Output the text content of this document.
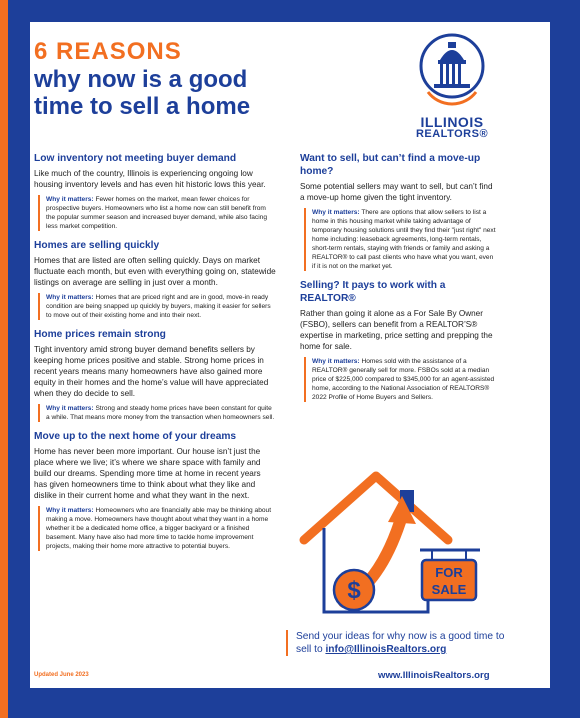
6 REASONS
why now is a good time to sell a home
ILLINOIS
REALTORS®
Low inventory not meeting buyer demand

Like much of the country, Illinois is experiencing ongoing low housing inventory levels and has even hit historic lows this year.

Why it matters: Fewer homes on the market, mean fewer choices for prospective buyers. Homeowners who list a home now can still benefit from the popular summer season and increased buyer demand, while also facing less market competition.
Homes are selling quickly

Homes that are listed are often selling quickly. Days on market fluctuate each month, but even with everything going on, statewide listings on average are selling in just over a month.

Why it matters: Homes that are priced right and are in good, move-in ready condition are being snapped up quickly by buyers, making it easier for sellers to move out of their existing home and into their next.
Home prices remain strong

Tight inventory amid strong buyer demand benefits sellers by keeping home prices positive and stable. Strong home prices in recent years means many homeowners have also gained more equity in their homes and the home’s value will have appreciated when they do decide to sell.

Why it matters: Strong and steady home prices have been constant for quite a while. That means more money from the transaction when homeowners sell.
Move up to the next home of your dreams

Home has never been more important. Our house isn’t just the place where we live; it’s where we share space with family and build our dreams. Spending more time at home in recent years has given homeowners time to think about what they like and dislike in their current home and what they want in the next.

Why it matters: Homeowners who are financially able may be thinking about making a move. Homeowners have thought about what they want in a home whether it be a dedicated home office, a bigger backyard or a finished basement. Many have also had more time to tackle home improvement projects, making their home more attractive to potential buyers.
Want to sell, but can’t find a move-up home?

Some potential sellers may want to sell, but can’t find a move-up home given the tight inventory.

Why it matters: There are options that allow sellers to list a home in this housing market while taking advantage of temporary housing solutions until they find their "just right" next home including: leaseback agreements, long-term rentals, short-term rentals, staying with friends or family and asking a REALTOR® to call past clients who have what you want, even if it is not on the market yet.
Selling? It pays to work with a REALTOR®

Rather than going it alone as a For Sale By Owner (FSBO), sellers can benefit from a REALTOR’S® expertise in marketing, price setting and prepping the home for sale.

Why it matters: Homes sold with the assistance of a REALTOR® generally sell for more. FSBOs sold at a median price of $225,000 compared to $345,000 for an agent-assisted home, according to the National Association of REALTORS® 2022 Profile of Home Buyers and Sellers.
$
FOR
SALE
Send your ideas for why now is a good time to sell to info@IllinoisRealtors.org
Updated June 2023	www.IllinoisRealtors.org
